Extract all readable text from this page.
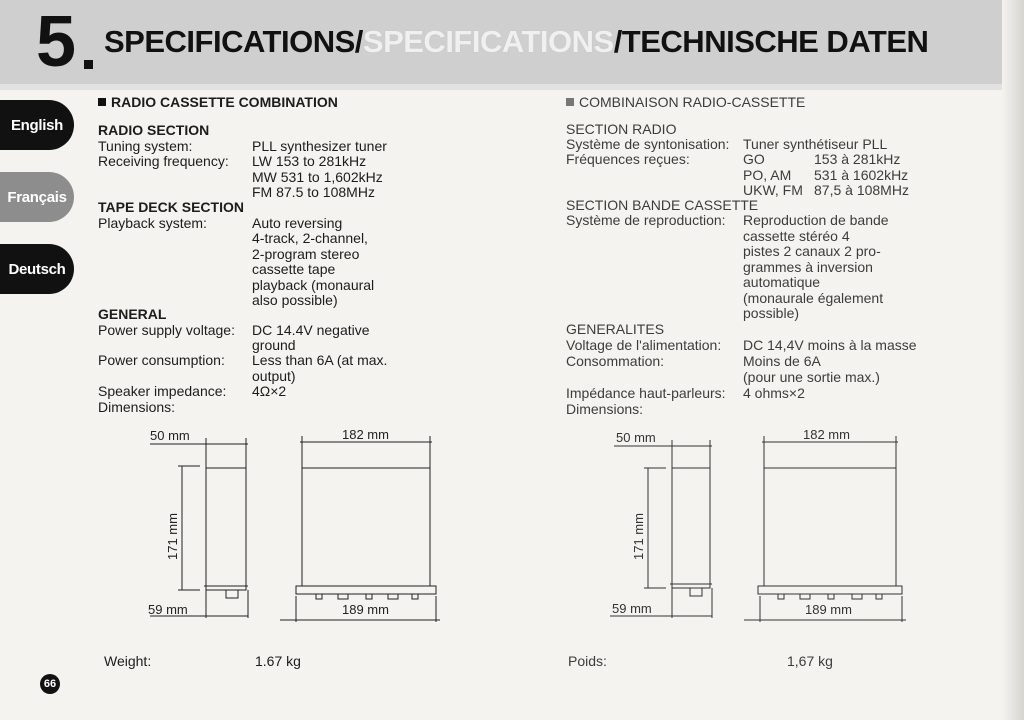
5 SPECIFICATIONS/SPECIFICATIONS/TECHNISCHE DATEN
English
Français
Deutsch
RADIO CASSETTE COMBINATION
RADIO SECTION
Tuning system:	PLL synthesizer tuner
Receiving frequency: LW 153 to 281kHz
MW 531 to 1,602kHz
FM 87.5 to 108MHz
TAPE DECK SECTION
Playback system:	Auto reversing
4-track, 2-channel,
2-program stereo
cassette tape
playback (monaural
also possible)
GENERAL
Power supply voltage: DC 14.4V negative
ground
Power consumption: Less than 6A (at max.
output)
Speaker impedance: 4Ω×2
Dimensions:
50 mm
59 mm
171 mm
182 mm
189 mm
Weight:	1.67 kg
COMBINAISON RADIO-CASSETTE
SECTION RADIO
Système de syntonisation: Tuner synthétiseur PLL
Fréquences reçues:	GO	153 à 281kHz
PO, AM 531 à 1602kHz
UKW, FM 87,5 à 108MHz
SECTION BANDE CASSETTE
Système de reproduction: Reproduction de bande
cassette stéréo 4
pistes 2 canaux 2 pro-
grammes à inversion
automatique
(monaurale également
possible)
GENERALITES
Voltage de l'alimentation: DC 14,4V moins à la masse
Consommation:	Moins de 6A
(pour une sortie max.)
Impédance haut-parleurs: 4 ohms×2
Dimensions:
50 mm
59 mm
171 mm
182 mm
189 mm
Poids:	1,67 kg
66
